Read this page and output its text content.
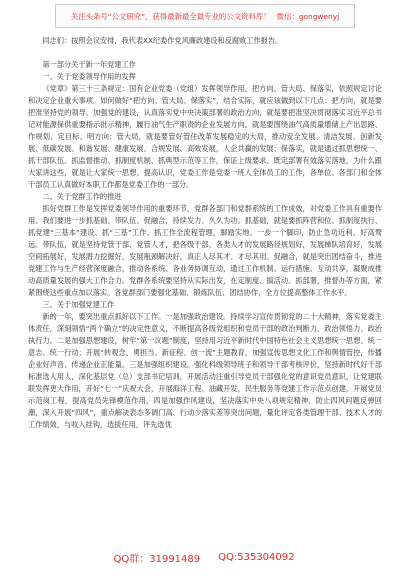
关注头条号“公文研究”，获得最新最全最专业的公文资料库！ 微信：gongwenyj

同志们：按照会议安排，我代表XX纪委作党风廉政建设和反腐败工作报告。

第一部分关于新一年党建工作

一、关于党委领导作用的发挥

《党章》第三十三条规定：国有企业党委（党组）发挥领导作用，把方向、管大局、保落实，依照规定讨论和决定企业重大事项。如何做好“把方向、管大局、保落实”，结合实际，就应该做到以下几点：把方向，就是要把准坚持党的领导、加强党的建设，认真落实党中央决策部署的政治方向，就是要把准坚决贯彻落实习近平总书记对能源保供重要指示批示精神，履行油气生产职责的企业发展方向，就是要围绕油气高质量增储上产出思路、作规划、定目标、明方向；管大局，就是要管好管住改革发展稳定的大局，推动安全发展、清洁发展、创新发展、低碳发展、和谐发展、健康发展、合规发展、高效发展，人企共赢的发展；保落实，就是通过抓思想统一、抓干部队伍、抓监督推动、抓制度机制、抓典型示范等工作，保证上级要求、既定部署有效落实落地，为什么跟大家讲这些，就是让大家统一思想、提高认识，党委工作是党委一班人全体员工的工作，各单位、各部门和全体干部员工认真做好本职工作都是党委工作的一部分。

二、关于党群工作的推进

抓好党群工作是发挥党委领导作用的重要环节，党群各部门和党群系统的工作成效，对党委工作具有重要作用。我们要进一步抓基础、带队伍、促融合，持续发力、久久为功。抓基础，就是要抓阵营和位、抓制度执行、抓党建“三基本”建设、抓“三基”工作、抓工作全流程管理，脚踏实地、一步一个脚印，防止急功近利、好高骛远。带队伍，就是坚持党管干部、党管人才，把各级干部、各类人才的发展路径规划好，发展梯队培育好，发展空间拓展好，发展潜力挖掘好，发展瓶颈解决好，真正人尽其才、才尽其用。促融合，就是突出团结奋斗，推进党建工作与生产经营深度融合，推动各系统、各业务协调互动，通过工作机制、运行措施、互动共享，凝聚成推动高质量发展的强大工作合力。党群各系统要坚持从实际出发，在定制度、搞活动、抓部署，推督办等方面，紧紧围绕这些重点加以落实。各党群部门要强化基础、锻炼队伍、团结协作，全方位提高整体工作水平。

三、关于加强党建工作

新的一年，要突出重点抓好以下工作。一是加强政治建设。持续学习宣传贯彻党的二十大精神，落实党委主体责任，深刻领悟“两个确立”的决定性意义，不断提高各级党组织和党员干部的政治判断力、政治领悟力、政治执行力。二是加强思想建设，树牢“第一议题”制度，坚持用习近平新时代中国特色社会主义思想统一思想、统一意志、统一行动；开展“转观念、勇担当、新征程、创一流”主题教育，加强宣传思想文化工作和舆情管控，传播企业好声音、传递企业正能量。三是加强组织建设。强化科级领导班子和领导干部考核评价，坚持新时代好干部标准选人用人，深化基层党（总）支部书记培训，开展活动注重引导党员干部强化党的意识党员意识，让党建联联发挥更大作用，开好“七一”庆祝大会，开展海洋工程、油藏开发，民生服务等党建工作示范点创建，开展党员示范岗工程，提高党员先锋模范作用，四是加强作风建设，坚决落实中央八项规定精神，防止四风问题反弹回潮，深入开展“四风”，重点解决表态多调门高、行动少落实差等突出问题，量化评定各类管理干部、技术人才的工作绩效，与收入挂钩，选拔任用，评先选优

QQ群：31991489 QQ:535304092
